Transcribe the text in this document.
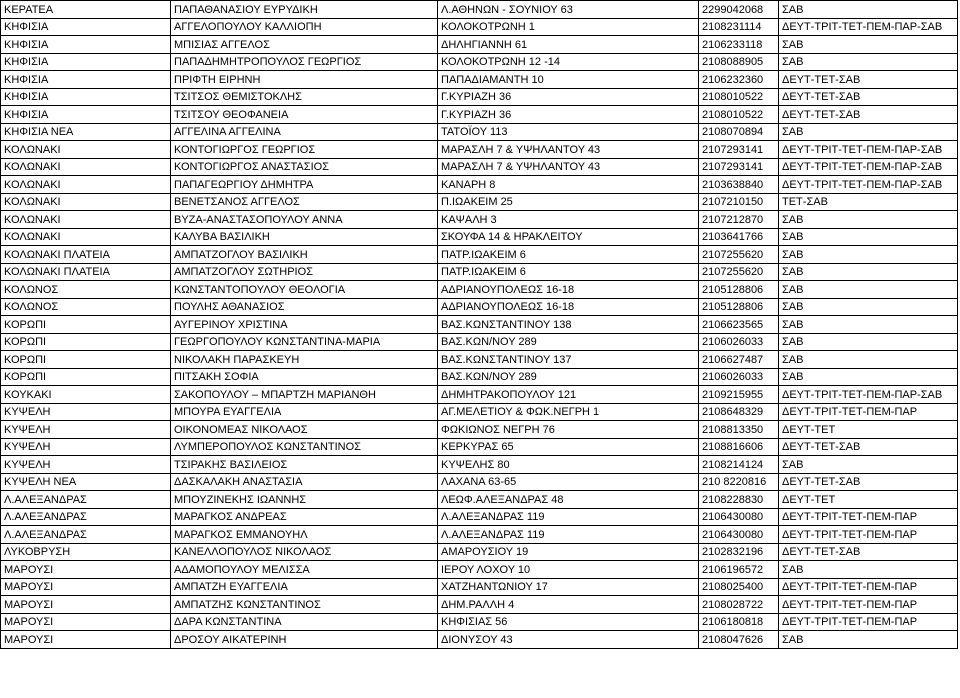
ΚΕΡΑΤΕΑ	ΠΑΠΑΘΑΝΑΣΙΟΥ ΕΥΡΥΔΙΚΗ	Λ.ΑΘΗΝΩΝ - ΣΟΥΝΙΟΥ 63	2299042068	ΣΑΒ
ΚΗΦΙΣΙΑ	ΑΓΓΕΛΟΠΟΥΛΟΥ ΚΑΛΛΙΟΠΗ	ΚΟΛΟΚΟΤΡΩΝΗ 1	2108231114	ΔΕΥΤ-ΤΡΙΤ-ΤΕΤ-ΠΕΜ-ΠΑΡ-ΣΑΒ
ΚΗΦΙΣΙΑ	ΜΠΙΣΙΑΣ ΑΓΓΕΛΟΣ	ΔΗΛΗΓΙΑΝΝΗ 61	2106233118	ΣΑΒ
ΚΗΦΙΣΙΑ	ΠΑΠΑΔΗΜΗΤΡΟΠΟΥΛΟΣ ΓΕΩΡΓΙΟΣ	ΚΟΛΟΚΟΤΡΩΝΗ 12 -14	2108088905	ΣΑΒ
ΚΗΦΙΣΙΑ	ΠΡΙΦΤΗ ΕΙΡΗΝΗ	ΠΑΠΑΔΙΑΜΑΝΤΗ 10	2106232360	ΔΕΥΤ-ΤΕΤ-ΣΑΒ
ΚΗΦΙΣΙΑ	ΤΣΙΤΣΟΣ ΘΕΜΙΣΤΟΚΛΗΣ	Γ.ΚΥΡΙΑΖΗ 36	2108010522	ΔΕΥΤ-ΤΕΤ-ΣΑΒ
ΚΗΦΙΣΙΑ	ΤΣΙΤΣΟΥ ΘΕΟΦΑΝΕΙΑ	Γ.ΚΥΡΙΑΖΗ 36	2108010522	ΔΕΥΤ-ΤΕΤ-ΣΑΒ
ΚΗΦΙΣΙΑ ΝΕΑ	ΑΓΓΕΛΙΝΑ ΑΓΓΕΛΙΝΑ	ΤΑΤΟΪΟΥ 113	2108070894	ΣΑΒ
ΚΟΛΩΝΑΚΙ	ΚΟΝΤΟΓΙΩΡΓΟΣ ΓΕΩΡΓΙΟΣ	ΜΑΡΑΣΛΗ 7 & ΥΨΗΛΑΝΤΟΥ 43	2107293141	ΔΕΥΤ-ΤΡΙΤ-ΤΕΤ-ΠΕΜ-ΠΑΡ-ΣΑΒ
ΚΟΛΩΝΑΚΙ	ΚΟΝΤΟΓΙΩΡΓΟΣ ΑΝΑΣΤΑΣΙΟΣ	ΜΑΡΑΣΛΗ 7 & ΥΨΗΛΑΝΤΟΥ 43	2107293141	ΔΕΥΤ-ΤΡΙΤ-ΤΕΤ-ΠΕΜ-ΠΑΡ-ΣΑΒ
ΚΟΛΩΝΑΚΙ	ΠΑΠΑΓΕΩΡΓΙΟΥ ΔΗΜΗΤΡΑ	ΚΑΝΑΡΗ 8	2103638840	ΔΕΥΤ-ΤΡΙΤ-ΤΕΤ-ΠΕΜ-ΠΑΡ-ΣΑΒ
ΚΟΛΩΝΑΚΙ	ΒΕΝΕΤΣΑΝΟΣ ΑΓΓΕΛΟΣ	Π.ΙΩΑΚΕΙΜ 25	2107210150	ΤΕΤ-ΣΑΒ
ΚΟΛΩΝΑΚΙ	ΒΥΖΑ-ΑΝΑΣΤΑΣΟΠΟΥΛΟΥ ΑΝΝΑ	ΚΑΨΑΛΗ 3	2107212870	ΣΑΒ
ΚΟΛΩΝΑΚΙ	ΚΑΛΥΒΑ ΒΑΣΙΛΙΚΗ	ΣΚΟΥΦΑ 14 & ΗΡΑΚΛΕΙΤΟΥ	2103641766	ΣΑΒ
ΚΟΛΩΝΑΚΙ ΠΛΑΤΕΙΑ	ΑΜΠΑΤΖΟΓΛΟΥ ΒΑΣΙΛΙΚΗ	ΠΑΤΡ.ΙΩΑΚΕΙΜ 6	2107255620	ΣΑΒ
ΚΟΛΩΝΑΚΙ ΠΛΑΤΕΙΑ	ΑΜΠΑΤΖΟΓΛΟΥ ΣΩΤΗΡΙΟΣ	ΠΑΤΡ.ΙΩΑΚΕΙΜ 6	2107255620	ΣΑΒ
ΚΟΛΩΝΟΣ	ΚΩΝΣΤΑΝΤΟΠΟΥΛΟΥ ΘΕΟΛΟΓΙΑ	ΑΔΡΙΑΝΟΥΠΟΛΕΩΣ 16-18	2105128806	ΣΑΒ
ΚΟΛΩΝΟΣ	ΠΟΥΛΗΣ ΑΘΑΝΑΣΙΟΣ	ΑΔΡΙΑΝΟΥΠΟΛΕΩΣ 16-18	2105128806	ΣΑΒ
ΚΟΡΩΠΙ	ΑΥΓΕΡΙΝΟΥ ΧΡΙΣΤΙΝΑ	ΒΑΣ.ΚΩΝΣΤΑΝΤΙΝΟΥ 138	2106623565	ΣΑΒ
ΚΟΡΩΠΙ	ΓΕΩΡΓΟΠΟΥΛΟΥ ΚΩΝΣΤΑΝΤΙΝΑ-ΜΑΡΙΑ	ΒΑΣ.ΚΩΝ/ΝΟΥ 289	2106026033	ΣΑΒ
ΚΟΡΩΠΙ	ΝΙΚΟΛΑΚΗ ΠΑΡΑΣΚΕΥΗ	ΒΑΣ.ΚΩΝΣΤΑΝΤΙΝΟΥ 137	2106627487	ΣΑΒ
ΚΟΡΩΠΙ	ΠΙΤΣΑΚΗ ΣΟΦΙΑ	ΒΑΣ.ΚΩΝ/ΝΟΥ 289	2106026033	ΣΑΒ
ΚΟΥΚΑΚΙ	ΣΑΚΟΠΟΥΛΟΥ – ΜΠΑΡΤΖΗ ΜΑΡΙΑΝΘΗ	ΔΗΜΗΤΡΑΚΟΠΟΥΛΟΥ 121	2109215955	ΔΕΥΤ-ΤΡΙΤ-ΤΕΤ-ΠΕΜ-ΠΑΡ-ΣΑΒ
ΚΥΨΕΛΗ	ΜΠΟΥΡΑ ΕΥΑΓΓΕΛΙΑ	ΑΓ.ΜΕΛΕΤΙΟΥ & ΦΩΚ.ΝΕΓΡΗ 1	2108648329	ΔΕΥΤ-ΤΡΙΤ-ΤΕΤ-ΠΕΜ-ΠΑΡ
ΚΥΨΕΛΗ	ΟΙΚΟΝΟΜΕΑΣ ΝΙΚΟΛΑΟΣ	ΦΩΚΙΩΝΟΣ ΝΕΓΡΗ 76	2108813350	ΔΕΥΤ-ΤΕΤ
ΚΥΨΕΛΗ	ΛΥΜΠΕΡΟΠΟΥΛΟΣ ΚΩΝΣΤΑΝΤΙΝΟΣ	ΚΕΡΚΥΡΑΣ 65	2108816606	ΔΕΥΤ-ΤΕΤ-ΣΑΒ
ΚΥΨΕΛΗ	ΤΣΙΡΑΚΗΣ ΒΑΣΙΛΕΙΟΣ	ΚΥΨΕΛΗΣ 80	2108214124	ΣΑΒ
ΚΥΨΕΛΗ ΝΕΑ	ΔΑΣΚΑΛΑΚΗ ΑΝΑΣΤΑΣΙΑ	ΛΑΧΑΝΑ 63-65	210 8220816	ΔΕΥΤ-ΤΕΤ-ΣΑΒ
Λ.ΑΛΕΞΑΝΔΡΑΣ	ΜΠΟΥΖΙΝΕΚΗΣ ΙΩΑΝΝΗΣ	ΛΕΩΦ.ΑΛΕΞΑΝΔΡΑΣ 48	2108228830	ΔΕΥΤ-ΤΕΤ
Λ.ΑΛΕΞΑΝΔΡΑΣ	ΜΑΡΑΓΚΟΣ ΑΝΔΡΕΑΣ	Λ.ΑΛΕΞΑΝΔΡΑΣ 119	2106430080	ΔΕΥΤ-ΤΡΙΤ-ΤΕΤ-ΠΕΜ-ΠΑΡ
Λ.ΑΛΕΞΑΝΔΡΑΣ	ΜΑΡΑΓΚΟΣ ΕΜΜΑΝΟΥΗΛ	Λ.ΑΛΕΞΑΝΔΡΑΣ 119	2106430080	ΔΕΥΤ-ΤΡΙΤ-ΤΕΤ-ΠΕΜ-ΠΑΡ
ΛΥΚΟΒΡΥΣΗ	ΚΑΝΕΛΛΟΠΟΥΛΟΣ ΝΙΚΟΛΑΟΣ	ΑΜΑΡΟΥΣΙΟΥ 19	2102832196	ΔΕΥΤ-ΤΕΤ-ΣΑΒ
ΜΑΡΟΥΣΙ	ΑΔΑΜΟΠΟΥΛΟΥ ΜΕΛΙΣΣΑ	ΙΕΡΟΥ ΛΟΧΟΥ 10	2106196572	ΣΑΒ
ΜΑΡΟΥΣΙ	ΑΜΠΑΤΖΗ ΕΥΑΓΓΕΛΙΑ	ΧΑΤΖΗΑΝΤΩΝΙΟΥ 17	2108025400	ΔΕΥΤ-ΤΡΙΤ-ΤΕΤ-ΠΕΜ-ΠΑΡ
ΜΑΡΟΥΣΙ	ΑΜΠΑΤΖΗΣ ΚΩΝΣΤΑΝΤΙΝΟΣ	ΔΗΜ.ΡΑΛΛΗ 4	2108028722	ΔΕΥΤ-ΤΡΙΤ-ΤΕΤ-ΠΕΜ-ΠΑΡ
ΜΑΡΟΥΣΙ	ΔΑΡΑ ΚΩΝΣΤΑΝΤΙΝΑ	ΚΗΦΙΣΙΑΣ 56	2106180818	ΔΕΥΤ-ΤΡΙΤ-ΤΕΤ-ΠΕΜ-ΠΑΡ
ΜΑΡΟΥΣΙ	ΔΡΟΣΟΥ ΑΙΚΑΤΕΡΙΝΗ	ΔΙΟΝΥΣΟΥ 43	2108047626	ΣΑΒ
